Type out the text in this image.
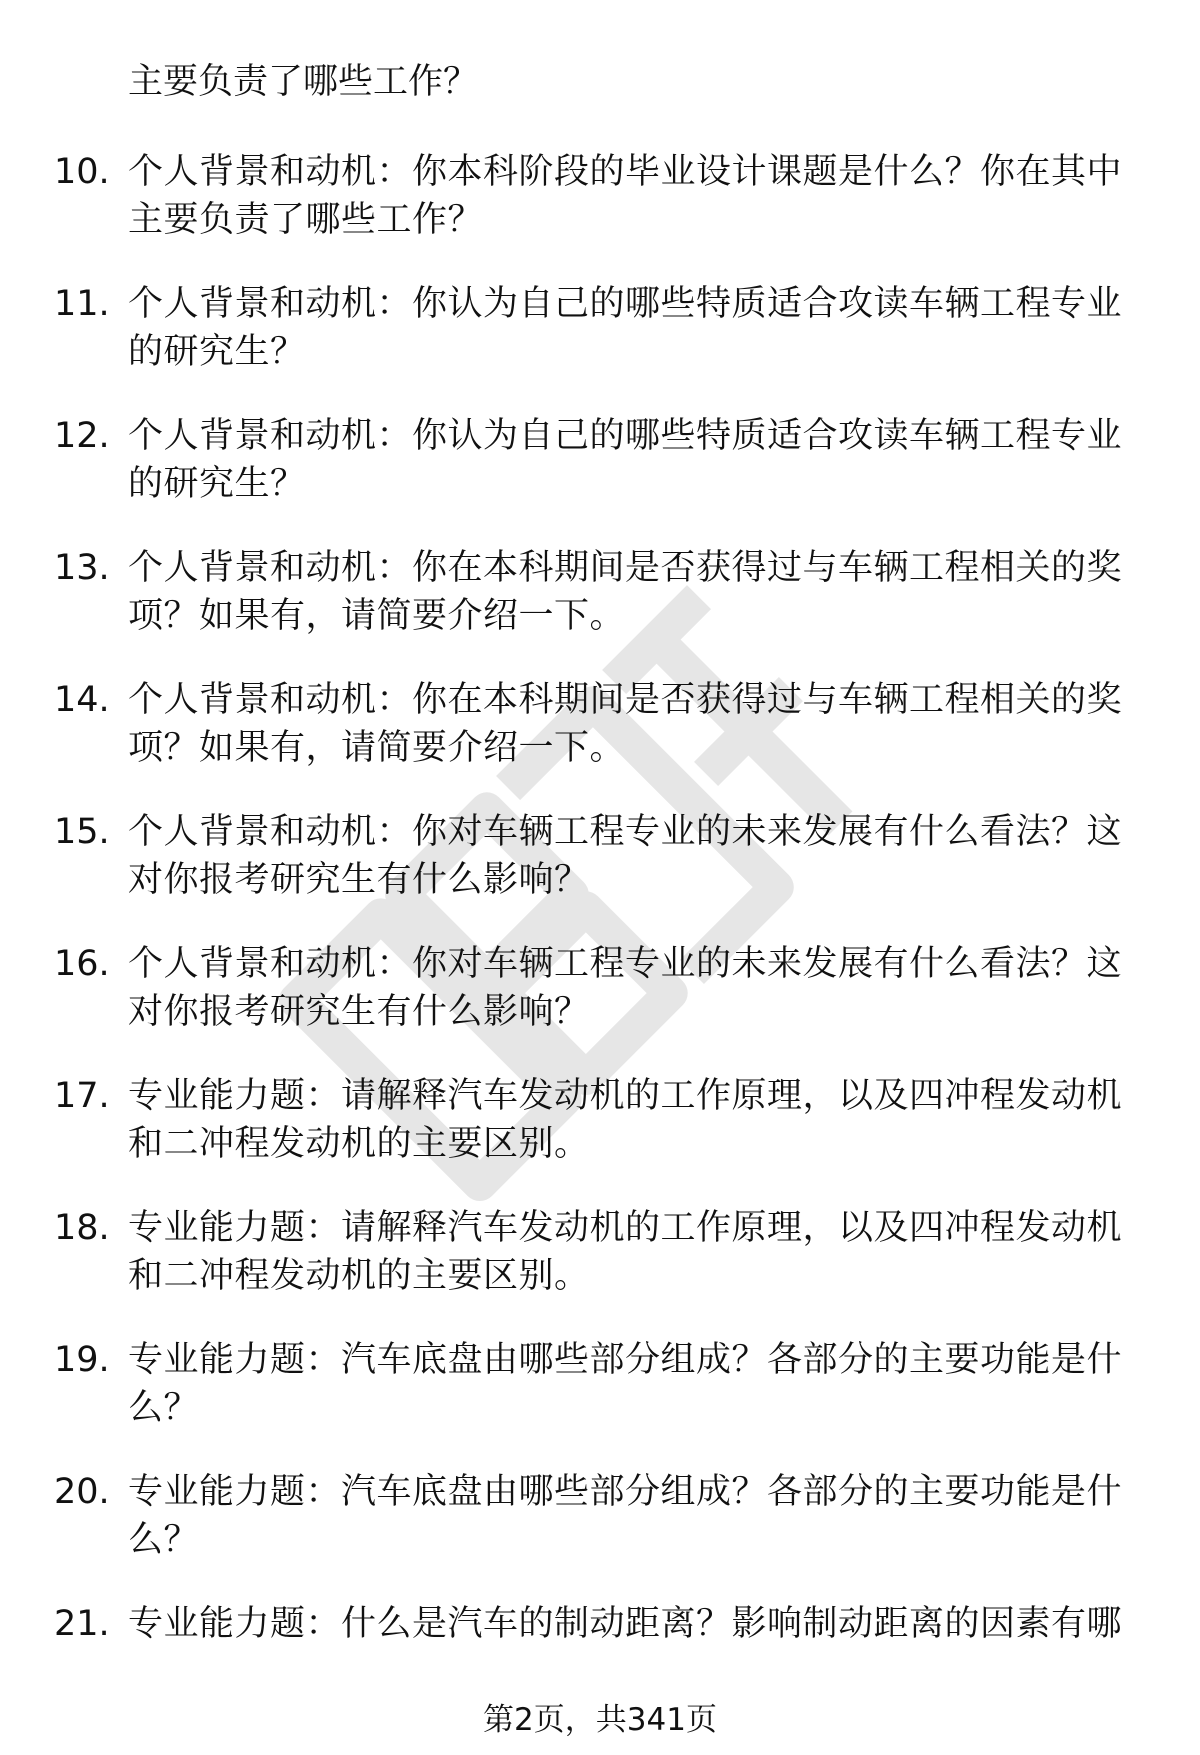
主要负责了哪些工作？
10. 个人背景和动机：你本科阶段的毕业设计课题是什么？你在其中主要负责了哪些工作？
11. 个人背景和动机：你认为自己的哪些特质适合攻读车辆工程专业的研究生？
12. 个人背景和动机：你认为自己的哪些特质适合攻读车辆工程专业的研究生？
13. 个人背景和动机：你在本科期间是否获得过与车辆工程相关的奖项？如果有，请简要介绍一下。
14. 个人背景和动机：你在本科期间是否获得过与车辆工程相关的奖项？如果有，请简要介绍一下。
15. 个人背景和动机：你对车辆工程专业的未来发展有什么看法？这对你报考研究生有什么影响？
16. 个人背景和动机：你对车辆工程专业的未来发展有什么看法？这对你报考研究生有什么影响？
17. 专业能力题：请解释汽车发动机的工作原理，以及四冲程发动机和二冲程发动机的主要区别。
18. 专业能力题：请解释汽车发动机的工作原理，以及四冲程发动机和二冲程发动机的主要区别。
19. 专业能力题：汽车底盘由哪些部分组成？各部分的主要功能是什么？
20. 专业能力题：汽车底盘由哪些部分组成？各部分的主要功能是什么？
21. 专业能力题：什么是汽车的制动距离？影响制动距离的因素有哪
第2页，共341页
